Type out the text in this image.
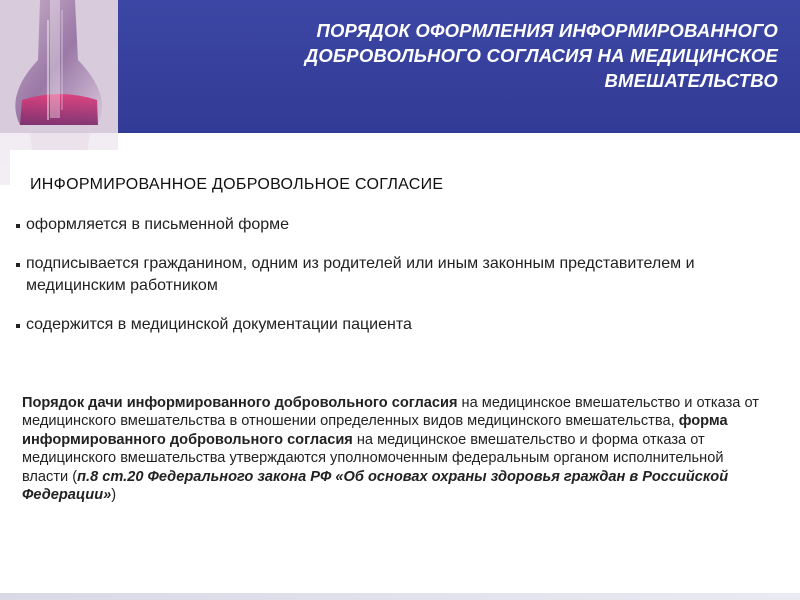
ПОРЯДОК ОФОРМЛЕНИЯ ИНФОРМИРОВАННОГО ДОБРОВОЛЬНОГО СОГЛАСИЯ НА МЕДИЦИНСКОЕ ВМЕШАТЕЛЬСТВО
ИНФОРМИРОВАННОЕ ДОБРОВОЛЬНОЕ СОГЛАСИЕ
оформляется в письменной форме
подписывается гражданином, одним из родителей или иным законным представителем и медицинским работником
содержится в медицинской документации пациента
Порядок дачи информированного добровольного согласия на медицинское вмешательство и отказа от медицинского вмешательства в отношении определенных видов медицинского вмешательства, форма информированного добровольного согласия на медицинское вмешательство и форма отказа от медицинского вмешательства утверждаются уполномоченным федеральным органом исполнительной власти (п.8 ст.20 Федерального закона РФ «Об основах охраны здоровья граждан в Российской Федерации»)
